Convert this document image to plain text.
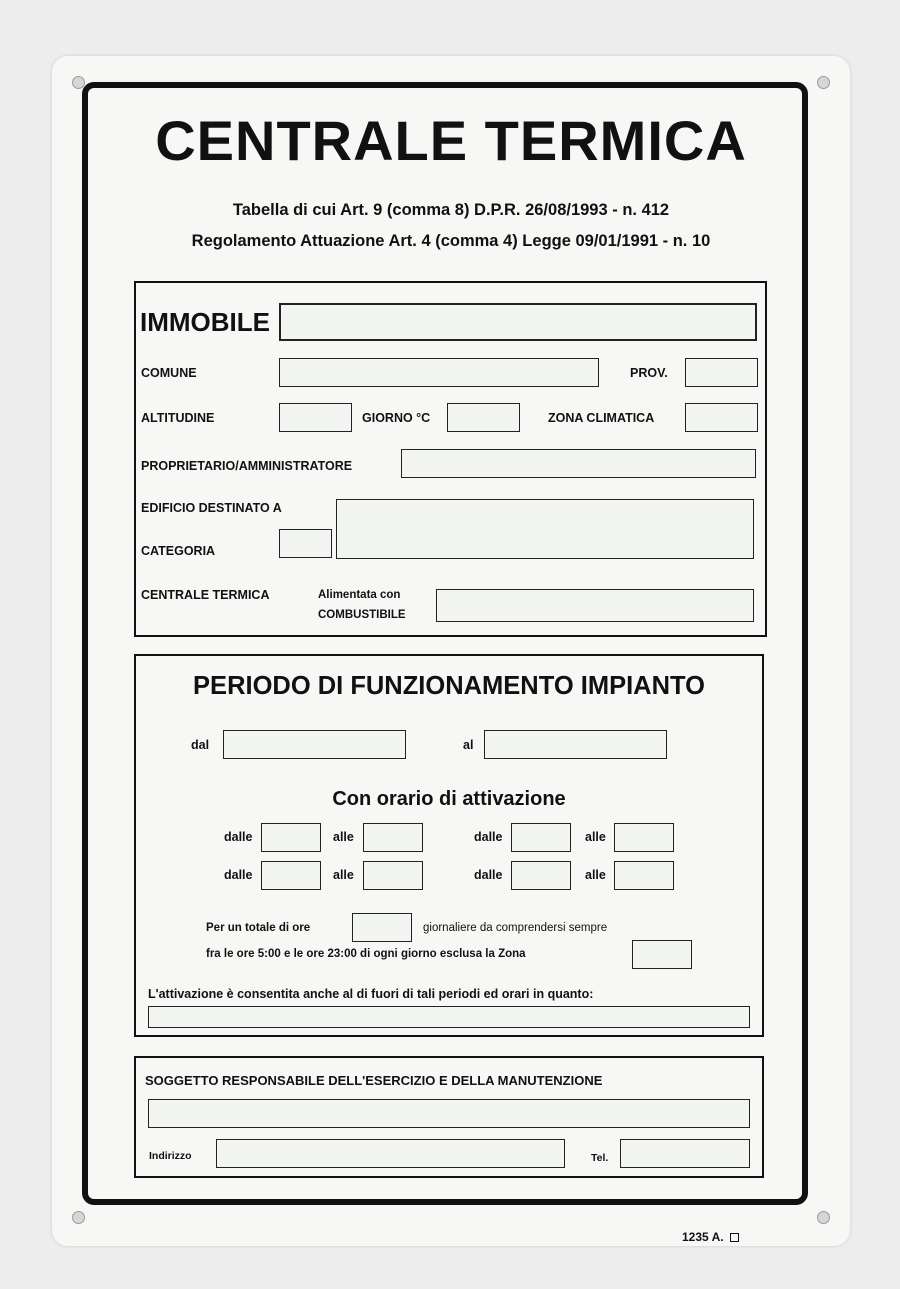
CENTRALE TERMICA
Tabella di cui Art. 9 (comma 8) D.P.R. 26/08/1993 - n. 412
Regolamento Attuazione Art. 4 (comma 4) Legge 09/01/1991 - n. 10
IMMOBILE
COMUNE	PROV.
ALTITUDINE	GIORNO °C	ZONA CLIMATICA
PROPRIETARIO/AMMINISTRATORE
EDIFICIO DESTINATO A
CATEGORIA
CENTRALE TERMICA	Alimentata con
COMBUSTIBILE
PERIODO DI FUNZIONAMENTO IMPIANTO
dal	al
Con orario di attivazione
dalle	alle	dalle	alle
dalle	alle	dalle	alle
Per un totale di ore	giornaliere da comprendersi sempre
fra le ore 5:00 e le ore 23:00 di ogni giorno esclusa la Zona
L'attivazione è consentita anche al di fuori di tali periodi ed orari in quanto:
SOGGETTO RESPONSABILE DELL'ESERCIZIO E DELLA MANUTENZIONE
Indirizzo	Tel.
1235 A.
